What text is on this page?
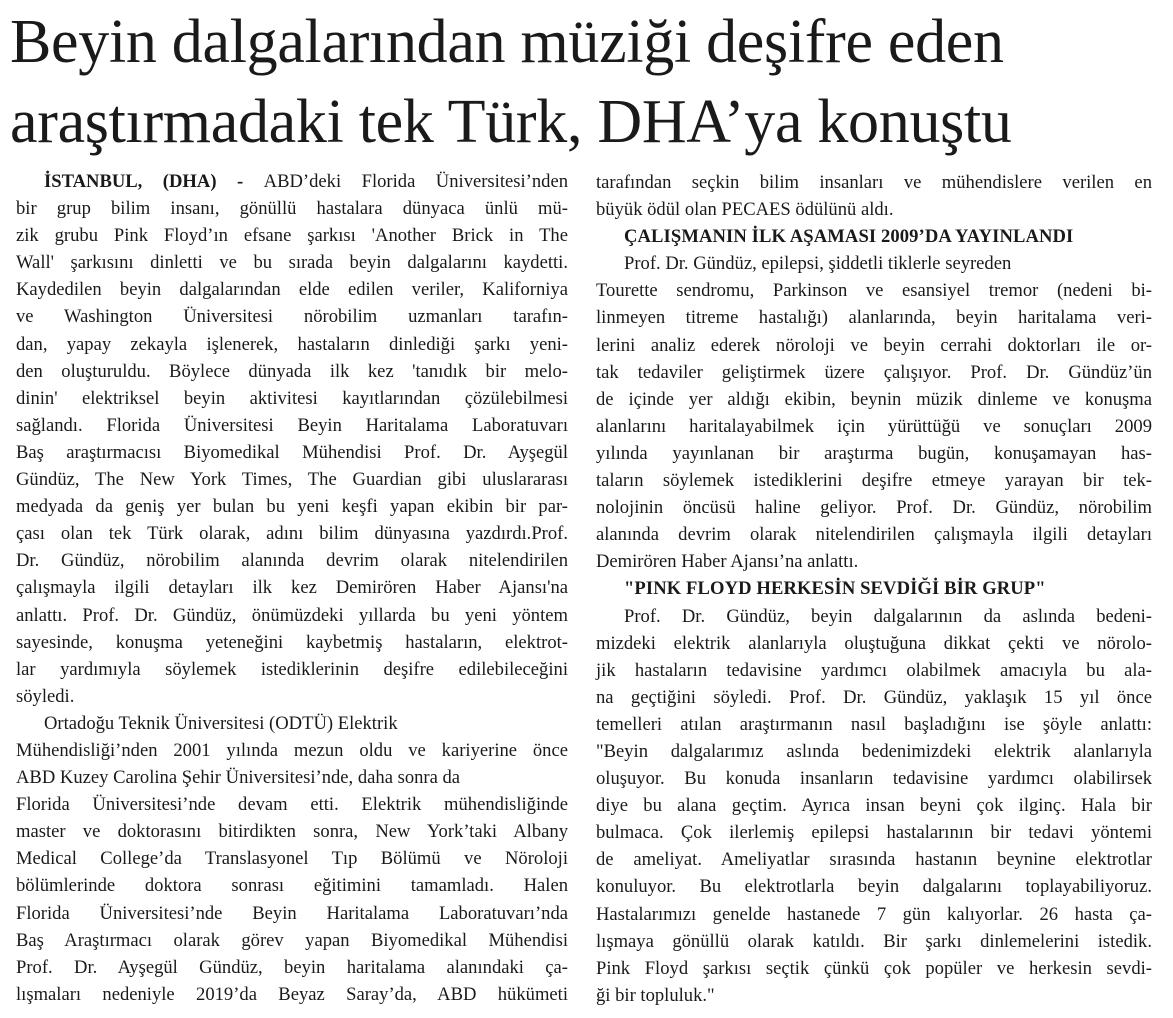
Beyin dalgalarından müziği deşifre eden
araştırmadaki tek Türk, DHA’ya konuştu
İSTANBUL, (DHA) - ABD’deki Florida Üniversitesi’nden
bir grup bilim insanı, gönüllü hastalara dünyaca ünlü mü-
zik grubu Pink Floyd’ın efsane şarkısı 'Another Brick in The
Wall' şarkısını dinletti ve bu sırada beyin dalgalarını kaydetti.
Kaydedilen beyin dalgalarından elde edilen veriler, Kaliforniya
ve Washington Üniversitesi nörobilim uzmanları tarafın-
dan, yapay zekayla işlenerek, hastaların dinlediği şarkı yeni-
den oluşturuldu. Böylece dünyada ilk kez 'tanıdık bir melo-
dinin' elektriksel beyin aktivitesi kayıtlarından çözülebilmesi
sağlandı. Florida Üniversitesi Beyin Haritalama Laboratuvarı
Baş araştırmacısı Biyomedikal Mühendisi Prof. Dr. Ayşegül
Gündüz, The New York Times, The Guardian gibi uluslararası
medyada da geniş yer bulan bu yeni keşfi yapan ekibin bir par-
çası olan tek Türk olarak, adını bilim dünyasına yazdırdı.Prof.
Dr. Gündüz, nörobilim alanında devrim olarak nitelendirilen
çalışmayla ilgili detayları ilk kez Demirören Haber Ajansı'na
anlattı. Prof. Dr. Gündüz, önümüzdeki yıllarda bu yeni yöntem
sayesinde, konuşma yeteneğini kaybetmiş hastaların, elektrot-
lar yardımıyla söylemek istediklerinin deşifre edilebileceğini
söyledi.
Ortadoğu Teknik Üniversitesi (ODTÜ) Elektrik
Mühendisliği’nden 2001 yılında mezun oldu ve kariyerine önce
ABD Kuzey Carolina Şehir Üniversitesi’nde, daha sonra da
Florida Üniversitesi’nde devam etti. Elektrik mühendisliğinde
master ve doktorasını bitirdikten sonra, New York’taki Albany
Medical College’da Translasyonel Tıp Bölümü ve Nöroloji
bölümlerinde doktora sonrası eğitimini tamamladı. Halen
Florida Üniversitesi’nde Beyin Haritalama Laboratuvarı’nda
Baş Araştırmacı olarak görev yapan Biyomedikal Mühendisi
Prof. Dr. Ayşegül Gündüz, beyin haritalama alanındaki ça-
lışmaları nedeniyle 2019’da Beyaz Saray’da, ABD hükümeti
tarafından seçkin bilim insanları ve mühendislere verilen en
büyük ödül olan PECAES ödülünü aldı.
ÇALIŞMANIN İLK AŞAMASI 2009’DA YAYINLANDI
Prof. Dr. Gündüz, epilepsi, şiddetli tiklerle seyreden
Tourette sendromu, Parkinson ve esansiyel tremor (nedeni bi-
linmeyen titreme hastalığı) alanlarında, beyin haritalama veri-
lerini analiz ederek nöroloji ve beyin cerrahi doktorları ile or-
tak tedaviler geliştirmek üzere çalışıyor. Prof. Dr. Gündüz’ün
de içinde yer aldığı ekibin, beynin müzik dinleme ve konuşma
alanlarını haritalayabilmek için yürüttüğü ve sonuçları 2009
yılında yayınlanan bir araştırma bugün, konuşamayan has-
taların söylemek istediklerini deşifre etmeye yarayan bir tek-
nolojinin öncüsü haline geliyor. Prof. Dr. Gündüz, nörobilim
alanında devrim olarak nitelendirilen çalışmayla ilgili detayları
Demirören Haber Ajansı’na anlattı.
"PINK FLOYD HERKESİN SEVDİĞİ BİR GRUP"
Prof. Dr. Gündüz, beyin dalgalarının da aslında bedeni-
mizdeki elektrik alanlarıyla oluştuğuna dikkat çekti ve nörolo-
jik hastaların tedavisine yardımcı olabilmek amacıyla bu ala-
na geçtiğini söyledi. Prof. Dr. Gündüz, yaklaşık 15 yıl önce
temelleri atılan araştırmanın nasıl başladığını ise şöyle anlattı:
"Beyin dalgalarımız aslında bedenimizdeki elektrik alanlarıyla
oluşuyor. Bu konuda insanların tedavisine yardımcı olabilirsek
diye bu alana geçtim. Ayrıca insan beyni çok ilginç. Hala bir
bulmaca. Çok ilerlemiş epilepsi hastalarının bir tedavi yöntemi
de ameliyat. Ameliyatlar sırasında hastanın beynine elektrotlar
konuluyor. Bu elektrotlarla beyin dalgalarını toplayabiliyoruz.
Hastalarımızı genelde hastanede 7 gün kalıyorlar. 26 hasta ça-
lışmaya gönüllü olarak katıldı. Bir şarkı dinlemelerini istedik.
Pink Floyd şarkısı seçtik çünkü çok popüler ve herkesin sevdi-
ği bir topluluk."
